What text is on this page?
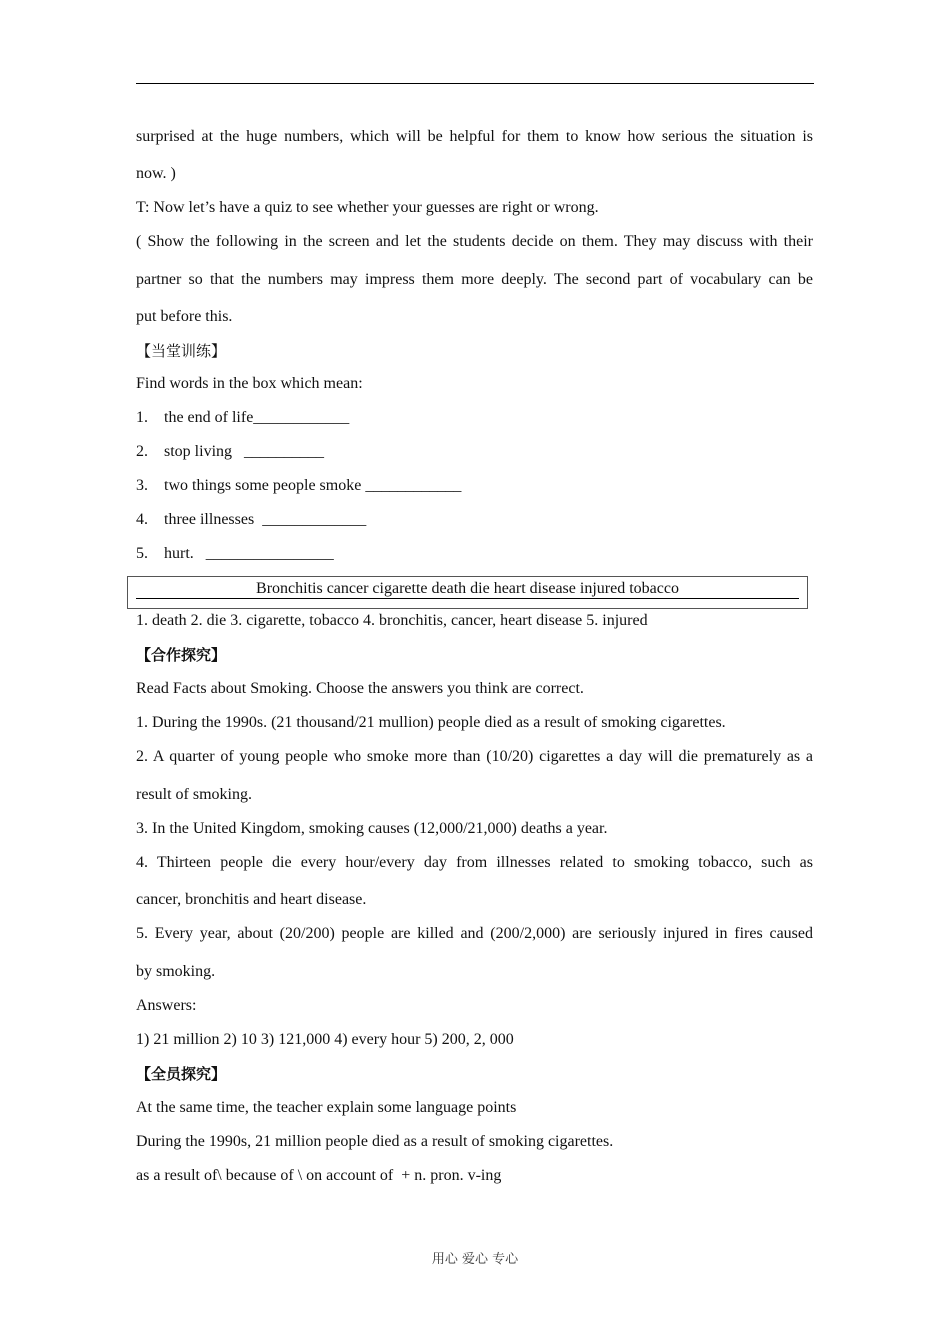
surprised at the huge numbers, which will be helpful for them to know how serious the situation is
now. )
T: Now let’s have a quiz to see whether your guesses are right or wrong.
( Show the following in the screen and let the students decide on them. They may discuss with their
partner so that the numbers may impress them more deeply. The second part of vocabulary can be
put before this.
【当堂训练】
Find words in the box which mean:
1.    the end of life____________
2.    stop living   __________
3.    two things some people smoke ____________
4.    three illnesses  _____________
5.    hurt.   ________________
Bronchitis cancer cigarette death die heart disease injured tobacco
1. death 2. die 3. cigarette, tobacco 4. bronchitis, cancer, heart disease 5. injured
【合作探究】
Read Facts about Smoking. Choose the answers you think are correct.
1. During the 1990s. (21 thousand/21 mullion) people died as a result of smoking cigarettes.
2. A quarter of young people who smoke more than (10/20) cigarettes a day will die prematurely as a
result of smoking.
3. In the United Kingdom, smoking causes (12,000/21,000) deaths a year.
4. Thirteen people die every hour/every day from illnesses related to smoking tobacco, such as
cancer, bronchitis and heart disease.
5. Every year, about (20/200) people are killed and (200/2,000) are seriously injured in fires caused
by smoking.
Answers:
1) 21 million 2) 10 3) 121,000 4) every hour 5) 200, 2, 000
【全员探究】
At the same time, the teacher explain some language points
During the 1990s, 21 million people died as a result of smoking cigarettes.
as a result of\ because of \ on account of  + n. pron. v-ing
用心 爱心 专心
